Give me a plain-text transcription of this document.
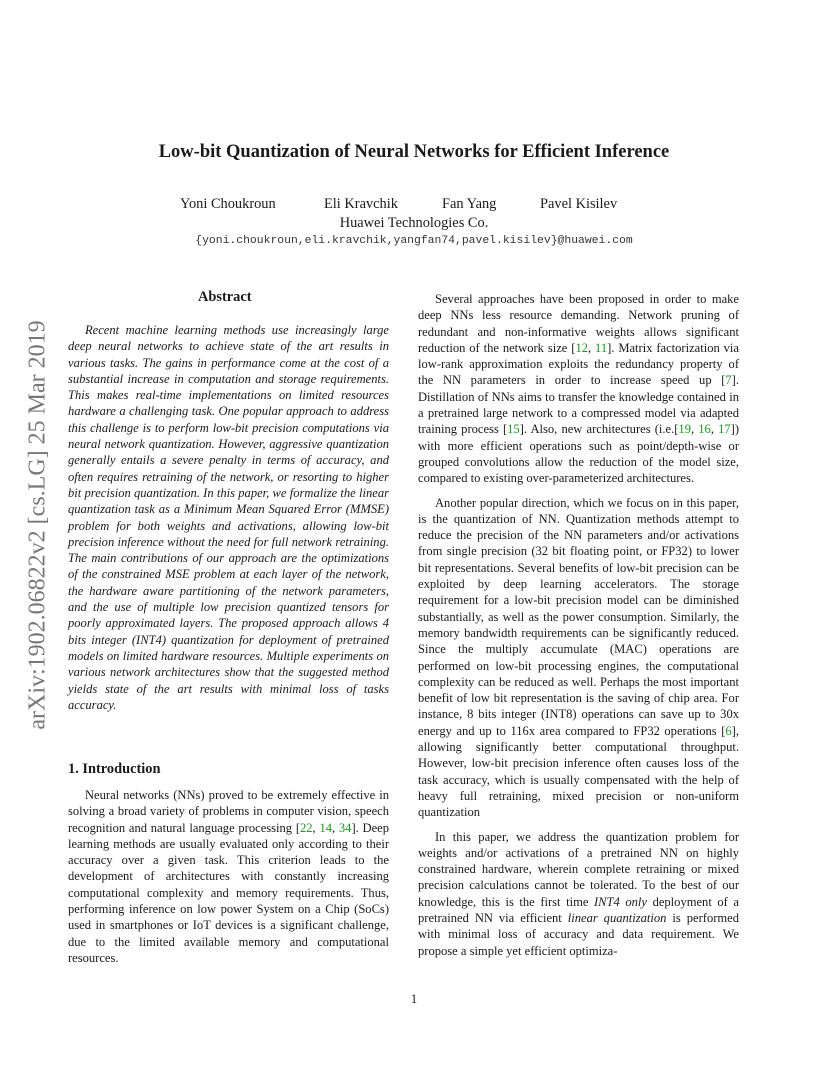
Low-bit Quantization of Neural Networks for Efficient Inference
Yoni Choukroun	Eli Kravchik	Fan Yang	Pavel Kisilev
Huawei Technologies Co.
{yoni.choukroun,eli.kravchik,yangfan74,pavel.kisilev}@huawei.com
arXiv:1902.06822v2 [cs.LG] 25 Mar 2019
Abstract

Recent machine learning methods use increasingly large deep neural networks to achieve state of the art results in various tasks. The gains in performance come at the cost of a substantial increase in computation and storage requirements. This makes real-time implementations on limited resources hardware a challenging task. One popular approach to address this challenge is to perform low-bit precision computations via neural network quantization. However, aggressive quantization generally entails a severe penalty in terms of accuracy, and often requires retraining of the network, or resorting to higher bit precision quantization. In this paper, we formalize the linear quantization task as a Minimum Mean Squared Error (MMSE) problem for both weights and activations, allowing low-bit precision inference without the need for full network retraining. The main contributions of our approach are the optimizations of the constrained MSE problem at each layer of the network, the hardware aware partitioning of the network parameters, and the use of multiple low precision quantized tensors for poorly approximated layers. The proposed approach allows 4 bits integer (INT4) quantization for deployment of pretrained models on limited hardware resources. Multiple experiments on various network architectures show that the suggested method yields state of the art results with minimal loss of tasks accuracy.

1. Introduction

Neural networks (NNs) proved to be extremely effective in solving a broad variety of problems in computer vision, speech recognition and natural language processing [22, 14, 34]. Deep learning methods are usually evaluated only according to their accuracy over a given task. This criterion leads to the development of architectures with constantly increasing computational complexity and memory requirements. Thus, performing inference on low power System on a Chip (SoCs) used in smartphones or IoT devices is a significant challenge, due to the limited available memory and computational resources.

Several approaches have been proposed in order to make deep NNs less resource demanding. Network pruning of redundant and non-informative weights allows significant reduction of the network size [12, 11]. Matrix factorization via low-rank approximation exploits the redundancy property of the NN parameters in order to increase speed up [7]. Distillation of NNs aims to transfer the knowledge contained in a pretrained large network to a compressed model via adapted training process [15]. Also, new architectures (i.e.[19, 16, 17]) with more efficient operations such as point/depth-wise or grouped convolutions allow the reduction of the model size, compared to existing over-parameterized architectures.

Another popular direction, which we focus on in this paper, is the quantization of NN. Quantization methods attempt to reduce the precision of the NN parameters and/or activations from single precision (32 bit floating point, or FP32) to lower bit representations. Several benefits of low-bit precision can be exploited by deep learning accelerators. The storage requirement for a low-bit precision model can be diminished substantially, as well as the power consumption. Similarly, the memory bandwidth requirements can be significantly reduced. Since the multiply accumulate (MAC) operations are performed on low-bit processing engines, the computational complexity can be reduced as well. Perhaps the most important benefit of low bit representation is the saving of chip area. For instance, 8 bits integer (INT8) operations can save up to 30x energy and up to 116x area compared to FP32 operations [6], allowing significantly better computational throughput. However, low-bit precision inference often causes loss of the task accuracy, which is usually compensated with the help of heavy full retraining, mixed precision or non-uniform quantization

In this paper, we address the quantization problem for weights and/or activations of a pretrained NN on highly constrained hardware, wherein complete retraining or mixed precision calculations cannot be tolerated. To the best of our knowledge, this is the first time INT4 only deployment of a pretrained NN via efficient linear quantization is performed with minimal loss of accuracy and data requirement. We propose a simple yet efficient optimiza-

1
